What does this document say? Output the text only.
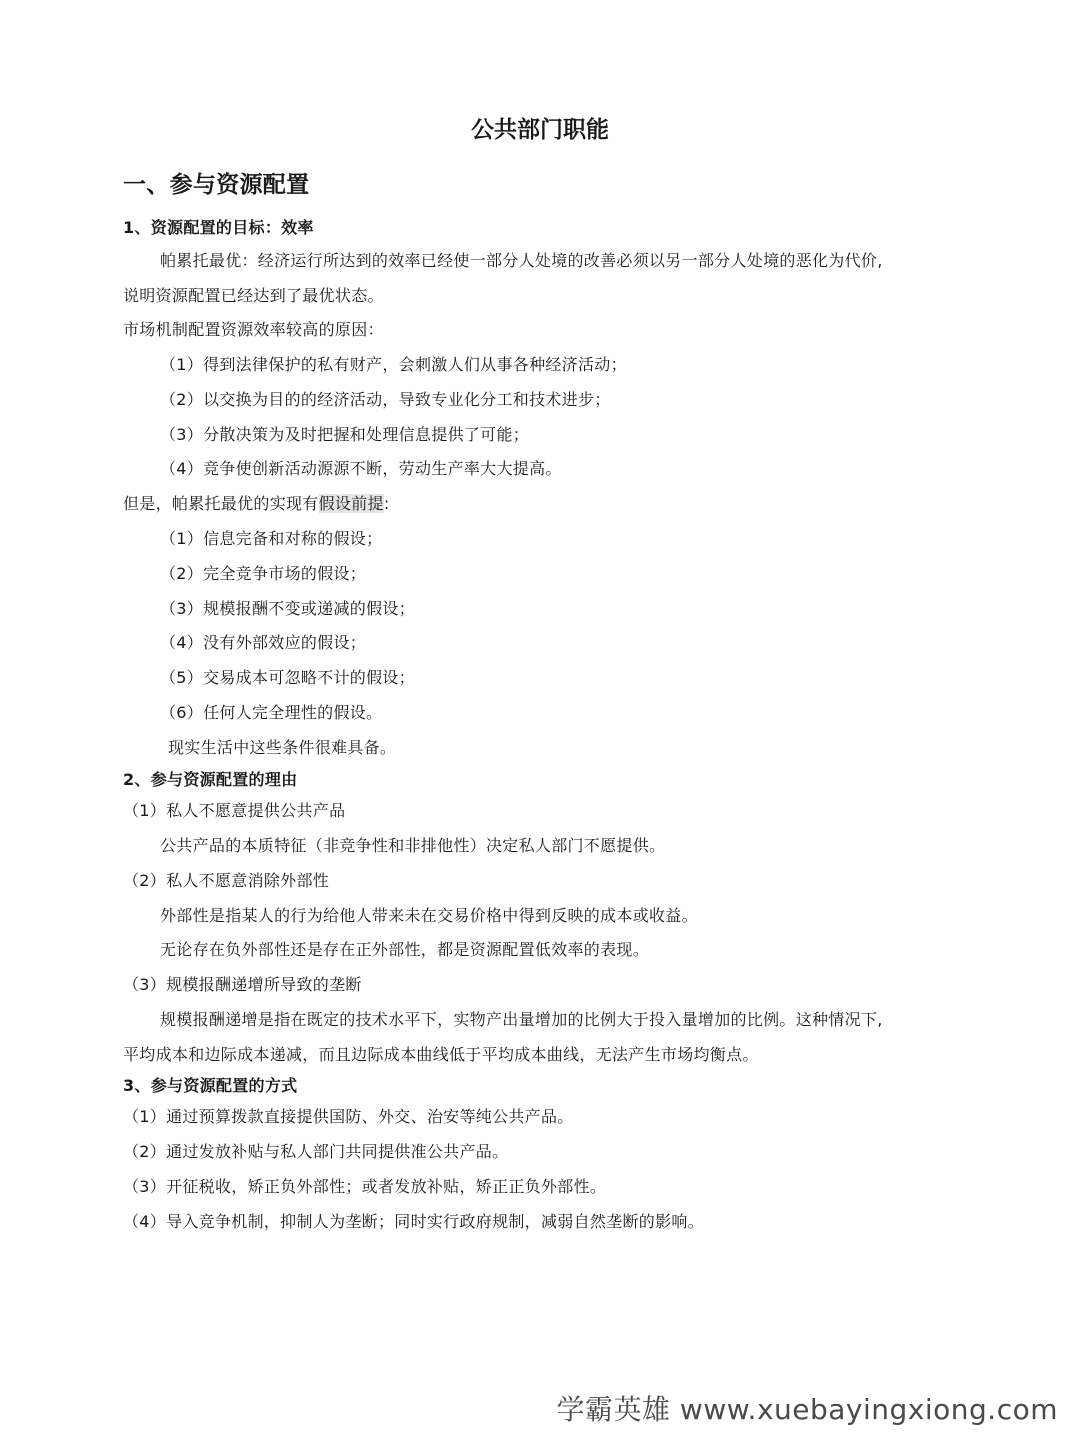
公共部门职能
一、参与资源配置
1、资源配置的目标：效率
帕累托最优：经济运行所达到的效率已经使一部分人处境的改善必须以另一部分人处境的恶化为代价,
说明资源配置已经达到了最优状态。
市场机制配置资源效率较高的原因：
（1）得到法律保护的私有财产，会刺激人们从事各种经济活动；
（2）以交换为目的的经济活动，导致专业化分工和技术进步；
（3）分散决策为及时把握和处理信息提供了可能；
（4）竞争使创新活动源源不断，劳动生产率大大提高。
但是，帕累托最优的实现有假设前提:
（1）信息完备和对称的假设；
（2）完全竞争市场的假设；
（3）规模报酬不变或递减的假设；
（4）没有外部效应的假设；
（5）交易成本可忽略不计的假设；
（6）任何人完全理性的假设。
现实生活中这些条件很难具备。
2、参与资源配置的理由
（1）私人不愿意提供公共产品
公共产品的本质特征（非竞争性和非排他性）决定私人部门不愿提供。
（2）私人不愿意消除外部性
外部性是指某人的行为给他人带来未在交易价格中得到反映的成本或收益。
无论存在负外部性还是存在正外部性，都是资源配置低效率的表现。
（3）规模报酬递增所导致的垄断
规模报酬递增是指在既定的技术水平下，实物产出量增加的比例大于投入量增加的比例。这种情况下,
平均成本和边际成本递减，而且边际成本曲线低于平均成本曲线，无法产生市场均衡点。
3、参与资源配置的方式
（1）通过预算拨款直接提供国防、外交、治安等纯公共产品。
（2）通过发放补贴与私人部门共同提供准公共产品。
（3）开征税收，矫正负外部性；或者发放补贴，矫正正负外部性。
（4）导入竞争机制，抑制人为垄断；同时实行政府规制，减弱自然垄断的影响。
学霸英雄 www.xuebayingxiong.com
